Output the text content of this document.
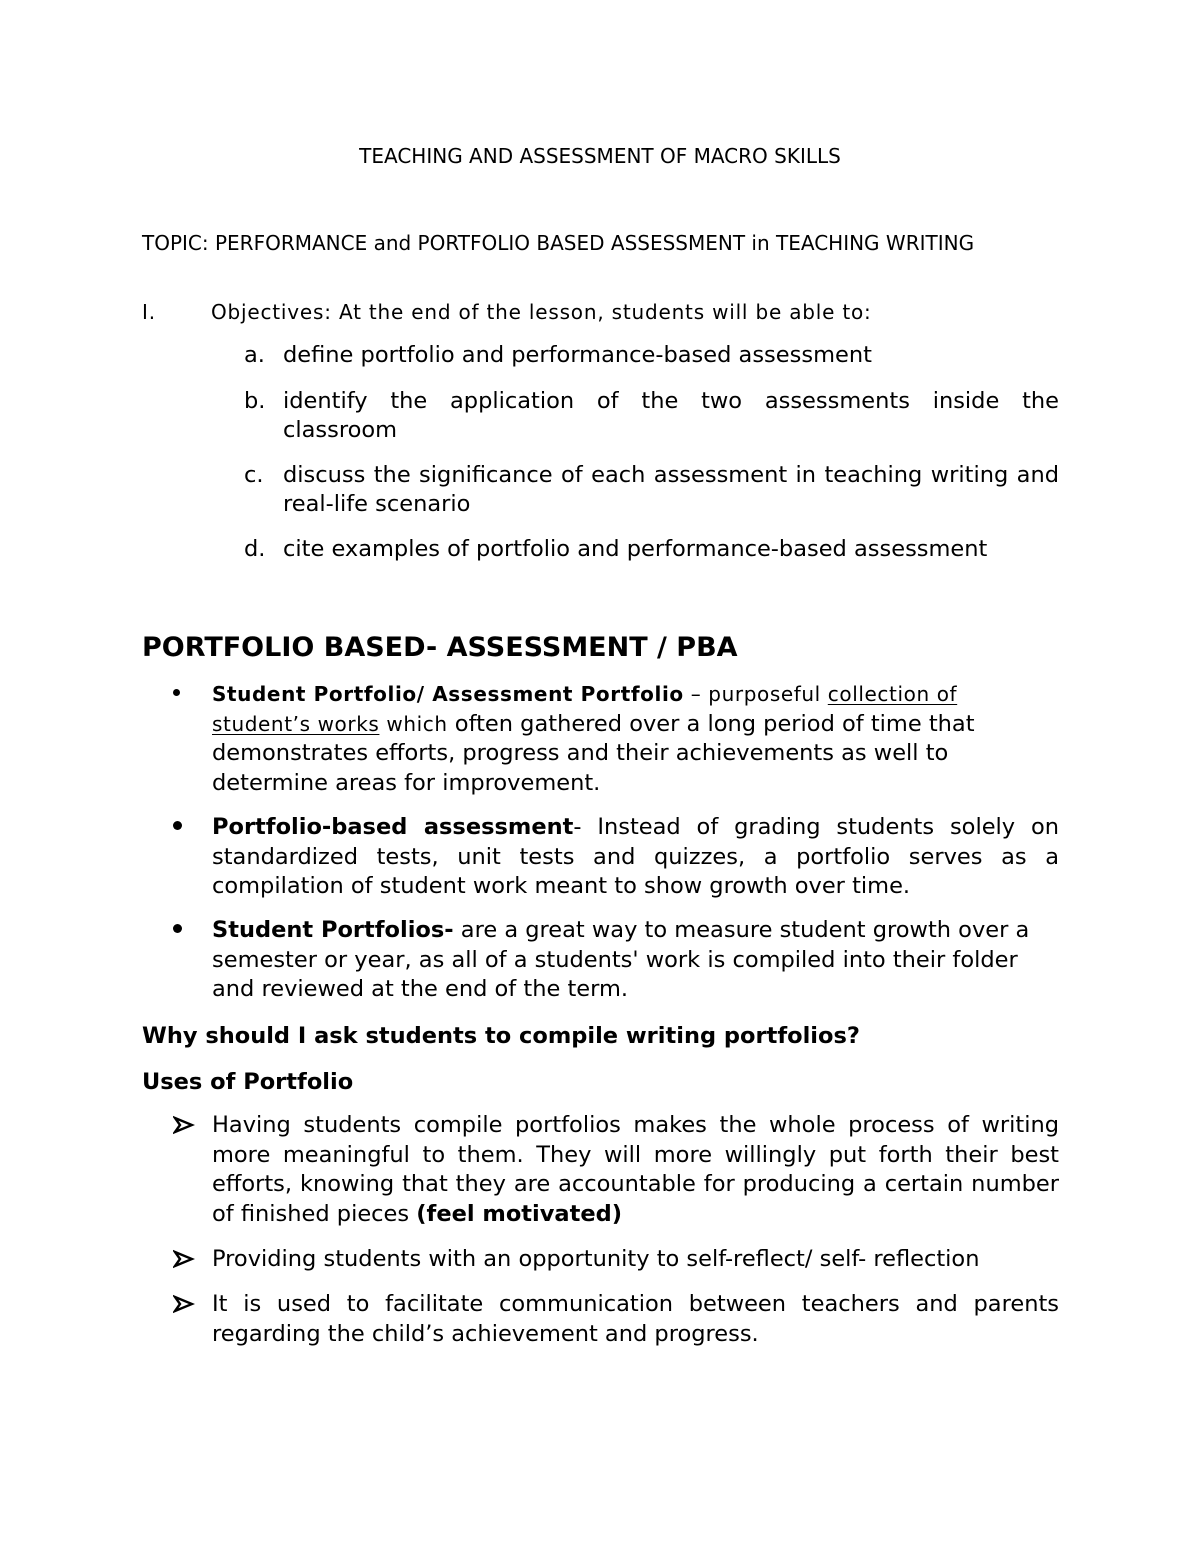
TEACHING AND ASSESSMENT OF MACRO SKILLS
TOPIC: PERFORMANCE and PORTFOLIO BASED ASSESSMENT in TEACHING WRITING
I.	Objectives: At the end of the lesson, students will be able to:
a. define portfolio and performance-based assessment
b. identify the application of the two assessments inside the classroom
c. discuss the significance of each assessment in teaching writing and real-life scenario
d. cite examples of portfolio and performance-based assessment
PORTFOLIO BASED- ASSESSMENT / PBA
Student Portfolio/ Assessment Portfolio – purposeful collection of student’s works which often gathered over a long period of time that demonstrates efforts, progress and their achievements as well to determine areas for improvement.
Portfolio-based assessment- Instead of grading students solely on standardized tests, unit tests and quizzes, a portfolio serves as a compilation of student work meant to show growth over time.
Student Portfolios- are a great way to measure student growth over a semester or year, as all of a students' work is compiled into their folder and reviewed at the end of the term.
Why should I ask students to compile writing portfolios?
Uses of Portfolio
Having students compile portfolios makes the whole process of writing more meaningful to them. They will more willingly put forth their best efforts, knowing that they are accountable for producing a certain number of finished pieces (feel motivated)
Providing students with an opportunity to self-reflect/ self- reflection
It is used to facilitate communication between teachers and parents regarding the child’s achievement and progress.
